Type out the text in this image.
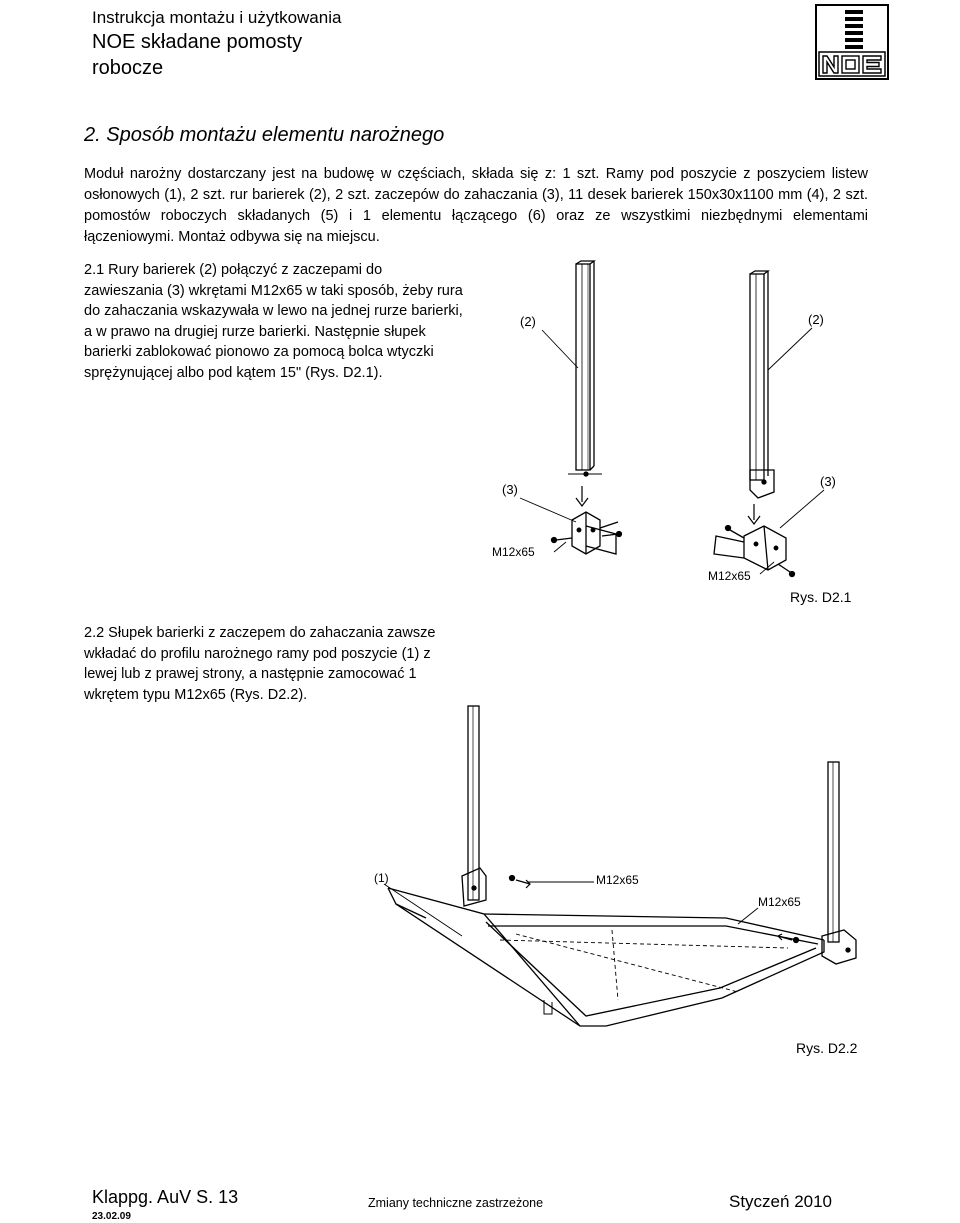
Instrukcja montażu i użytkowania
NOE składane pomosty
robocze
2. Sposób montażu elementu narożnego
Moduł narożny dostarczany jest na budowę w częściach, składa się z: 1 szt. Ramy pod poszycie z poszyciem listew osłonowych (1), 2 szt. rur barierek (2), 2 szt. zaczepów do zahaczania (3), 11 desek barierek 150x30x1100 mm (4), 2 szt. pomostów roboczych składanych (5) i 1 elementu łączącego (6) oraz ze wszystkimi niezbędnymi elementami łączeniowymi. Montaż odbywa się na miejscu.
2.1 Rury barierek (2) połączyć z zaczepami do zawieszania (3) wkrętami M12x65 w taki sposób, żeby rura do zahaczania wskazywała w lewo na jednej rurze barierki, a w prawo na drugiej rurze barierki. Następnie słupek barierki zablokować pionowo za pomocą bolca wtyczki sprężynującej albo pod kątem 15" (Rys. D2.1).
(2)	(2)
(3)
(3)
M12x65
M12x65
Rys. D2.1
2.2 Słupek barierki z zaczepem do zahaczania zawsze wkładać do profilu narożnego ramy pod poszycie (1) z lewej lub z prawej strony, a następnie zamocować 1 wkrętem typu M12x65 (Rys. D2.2).
(1)	M12x65
M12x65
Rys. D2.2
Klappg. AuV S. 13
23.02.09
Zmiany techniczne zastrzeżone	Styczeń 2010
